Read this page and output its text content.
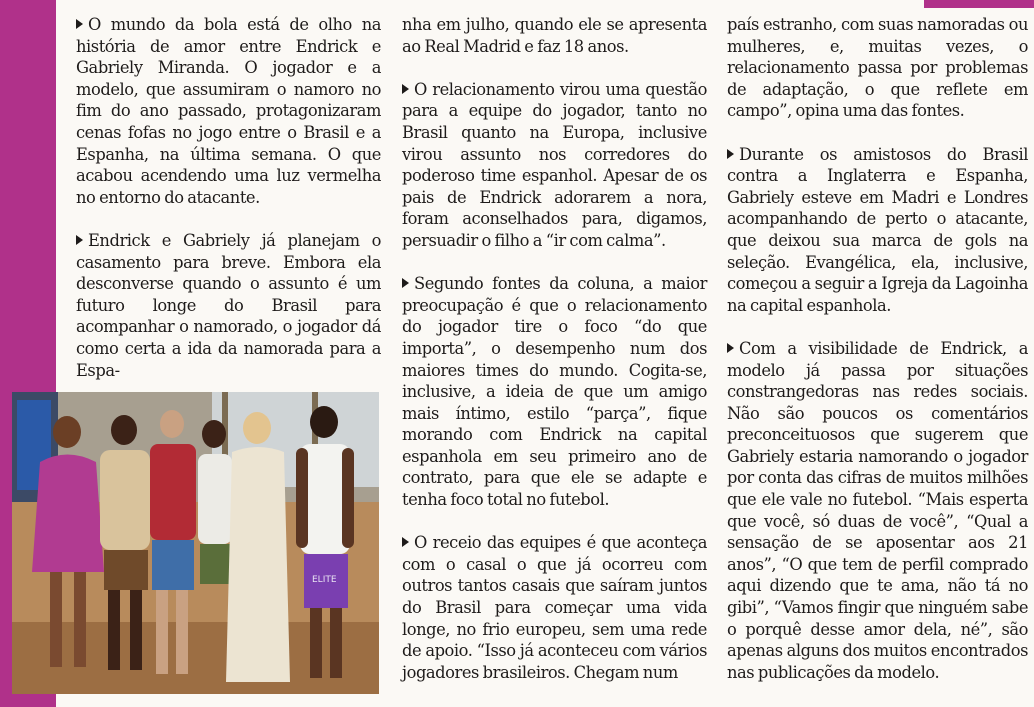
O mundo da bola está de olho na história de amor entre Endrick e Gabriely Miranda. O jogador e a modelo, que assumiram o namoro no fim do ano passado, protagonizaram cenas fofas no jogo entre o Brasil e a Espanha, na última semana. O que acabou acendendo uma luz vermelha no entorno do atacante.

Endrick e Gabriely já planejam o casamento para breve. Embora ela desconverse quando o assunto é um futuro longe do Brasil para acompanhar o namorado, o jogador dá como certa a ida da namorada para a Espa-

ELITE

nha em julho, quando ele se apresenta ao Real Madrid e faz 18 anos.

O relacionamento virou uma questão para a equipe do jogador, tanto no Brasil quanto na Europa, inclusive virou assunto nos corredores do poderoso time espanhol. Apesar de os pais de Endrick adorarem a nora, foram aconselhados para, digamos, persuadir o filho a “ir com calma”.

Segundo fontes da coluna, a maior preocupação é que o relacionamento do jogador tire o foco “do que importa”, o desempenho num dos maiores times do mundo. Cogita-se, inclusive, a ideia de que um amigo mais íntimo, estilo “parça”, fique morando com Endrick na capital espanhola em seu primeiro ano de contrato, para que ele se adapte e tenha foco total no futebol.

O receio das equipes é que aconteça com o casal o que já ocorreu com outros tantos casais que saíram juntos do Brasil para começar uma vida longe, no frio europeu, sem uma rede de apoio. “Isso já aconteceu com vários jogadores brasileiros. Chegam num

país estranho, com suas namoradas ou mulheres, e, muitas vezes, o relacionamento passa por problemas de adaptação, o que reflete em campo”, opina uma das fontes.

Durante os amistosos do Brasil contra a Inglaterra e Espanha, Gabriely esteve em Madri e Londres acompanhando de perto o atacante, que deixou sua marca de gols na seleção. Evangélica, ela, inclusive, começou a seguir a Igreja da Lagoinha na capital espanhola.

Com a visibilidade de Endrick, a modelo já passa por situações constrangedoras nas redes sociais. Não são poucos os comentários preconceituosos que sugerem que Gabriely estaria namorando o jogador por conta das cifras de muitos milhões que ele vale no futebol. “Mais esperta que você, só duas de você”, “Qual a sensação de se aposentar aos 21 anos”, “O que tem de perfil comprado aqui dizendo que te ama, não tá no gibi”, “Vamos fingir que ninguém sabe o porquê desse amor dela, né”, são apenas alguns dos muitos encontrados nas publicações da modelo.
